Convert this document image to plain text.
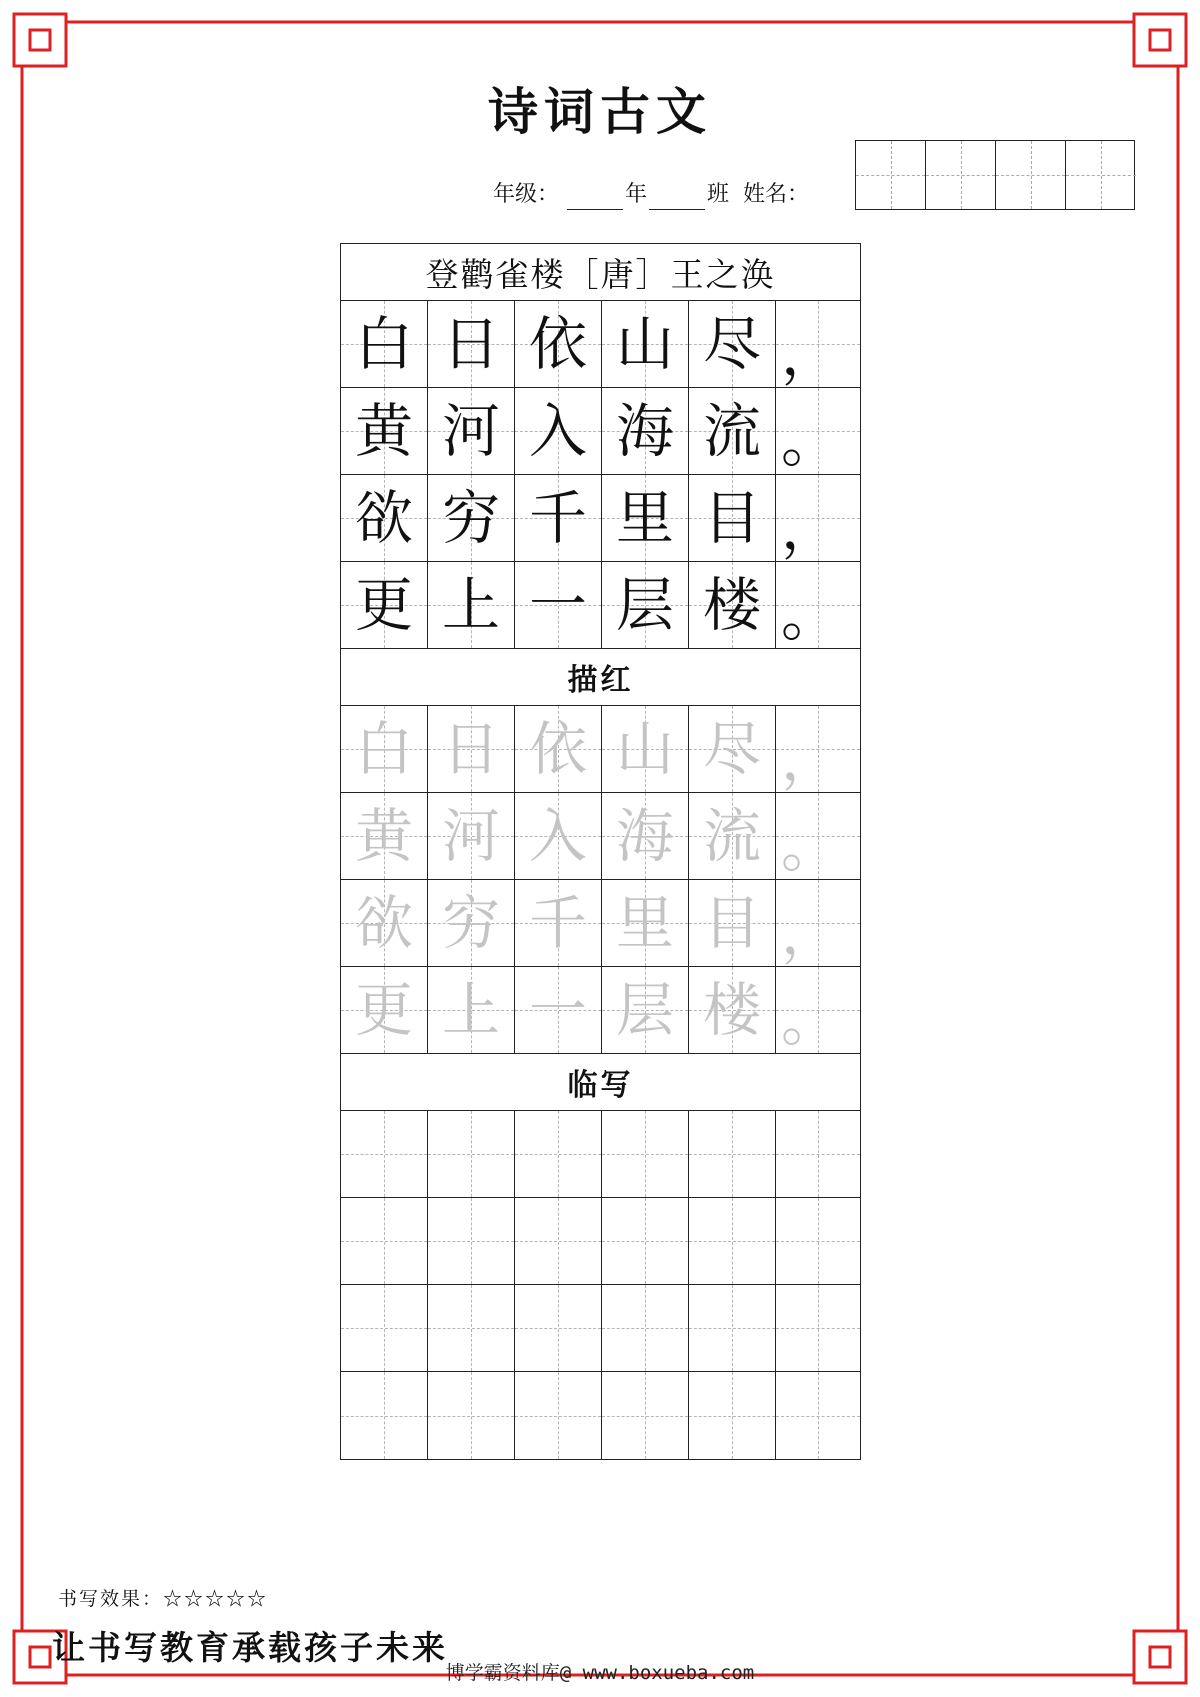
诗词古文
年级：	年	班 姓名：
登鹳雀楼［唐］王之涣
白 日 依 山 尽 ，
黄 河 入 海 流 。
欲 穷 千 里 目 ，
更 上 一 层 楼 。
描红
白 日 依 山 尽 ，
黄 河 入 海 流 。
欲 穷 千 里 目 ，
更 上 一 层 楼 。
临写
书写效果：☆☆☆☆☆
让书写教育承载孩子未来
博学霸资料库@ www.boxueba.com
